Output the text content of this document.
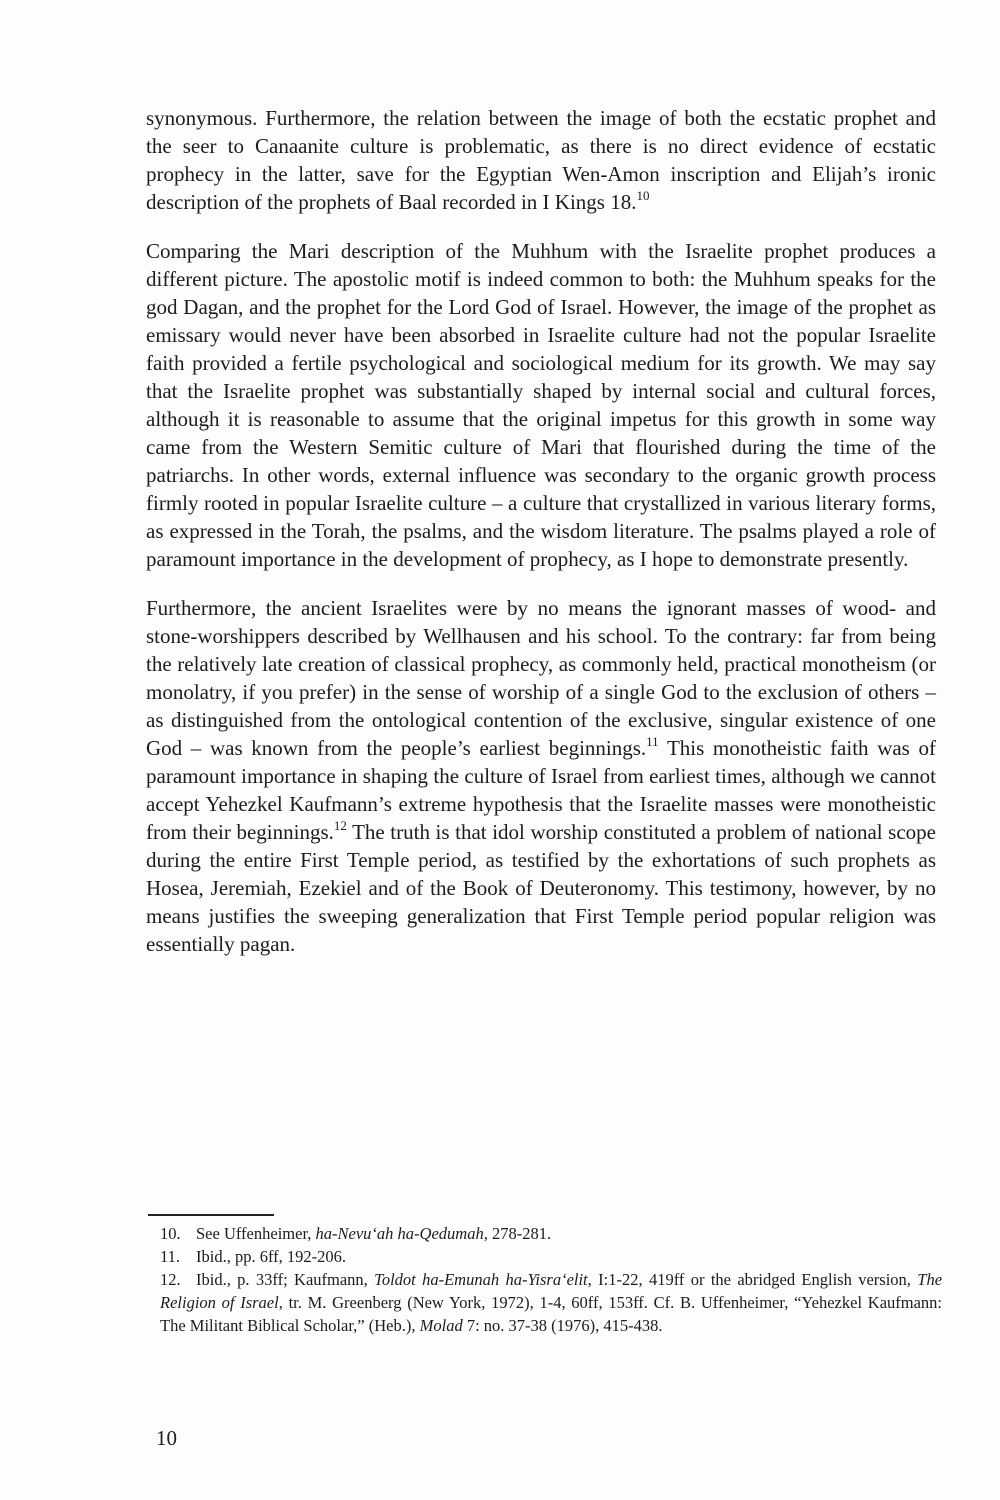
synonymous. Furthermore, the relation between the image of both the ecstatic prophet and the seer to Canaanite culture is problematic, as there is no direct evidence of ecstatic prophecy in the latter, save for the Egyptian Wen-Amon inscription and Elijah’s ironic description of the prophets of Baal recorded in I Kings 18.10

Comparing the Mari description of the Muhhum with the Israelite prophet produces a different picture. The apostolic motif is indeed common to both: the Muhhum speaks for the god Dagan, and the prophet for the Lord God of Israel. However, the image of the prophet as emissary would never have been absorbed in Israelite culture had not the popular Israelite faith provided a fertile psychological and sociological medium for its growth. We may say that the Israelite prophet was substantially shaped by internal social and cultural forces, although it is reasonable to assume that the original impetus for this growth in some way came from the Western Semitic culture of Mari that flourished during the time of the patriarchs. In other words, external influence was secondary to the organic growth process firmly rooted in popular Israelite culture – a culture that crystallized in various literary forms, as expressed in the Torah, the psalms, and the wisdom literature. The psalms played a role of paramount importance in the development of prophecy, as I hope to demonstrate presently.

Furthermore, the ancient Israelites were by no means the ignorant masses of wood- and stone-worshippers described by Wellhausen and his school. To the contrary: far from being the relatively late creation of classical prophecy, as commonly held, practical monotheism (or monolatry, if you prefer) in the sense of worship of a single God to the exclusion of others – as distinguished from the ontological contention of the exclusive, singular existence of one God – was known from the people’s earliest beginnings.$^{11}$ This monotheistic faith was of paramount importance in shaping the culture of Israel from earliest times, although we cannot accept Yehezkel Kaufmann’s extreme hypothesis that the Israelite masses were monotheistic from their beginnings.$^{12}$ The truth is that idol worship constituted a problem of national scope during the entire First Temple period, as testified by the exhortations of such prophets as Hosea, Jeremiah, Ezekiel and of the Book of Deuteronomy. This testimony, however, by no means justifies the sweeping generalization that First Temple period popular religion was essentially pagan.

10. See Uffenheimer, ha-Nevu‘ah ha-Qedumah, 278-281.

11. Ibid., pp. 6ff, 192-206.

12. Ibid., p. 33ff; Kaufmann, Toldot ha-Emunah ha-Yisra‘elit, I:1-22, 419ff or the abridged English version, The Religion of Israel, tr. M. Greenberg (New York, 1972), 1-4, 60ff, 153ff. Cf. B. Uffenheimer, “Yehezkel Kaufmann: The Militant Biblical Scholar,” (Heb.), Molad 7: no. 37-38 (1976), 415-438.

10
